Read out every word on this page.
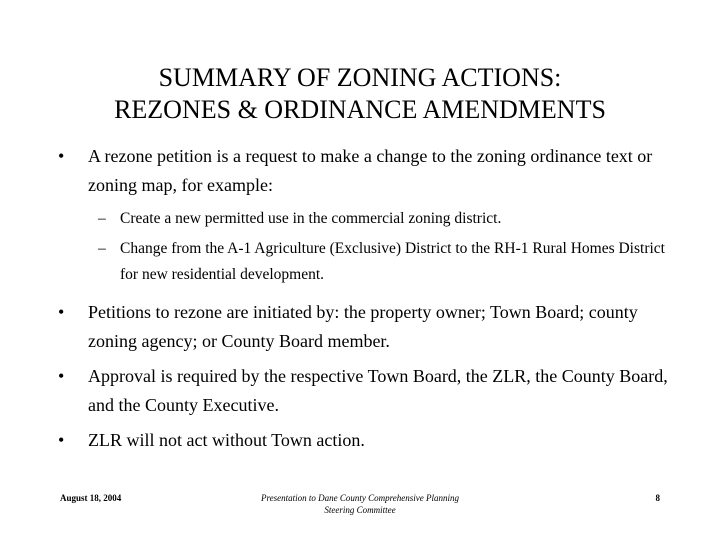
SUMMARY OF ZONING ACTIONS:
REZONES & ORDINANCE AMENDMENTS
•	A rezone petition is a request to make a change to the zoning ordinance text or zoning map, for example:
– Create a new permitted use in the commercial zoning district.
– Change from the A-1 Agriculture (Exclusive) District to the RH-1 Rural Homes District for new residential development.
•	Petitions to rezone are initiated by: the property owner; Town Board; county zoning agency; or County Board member.
•	Approval is required by the respective Town Board, the ZLR, the County Board, and the County Executive.
•	ZLR will not act without Town action.
August 18, 2004	Presentation to Dane County Comprehensive Planning
Steering Committee
8
